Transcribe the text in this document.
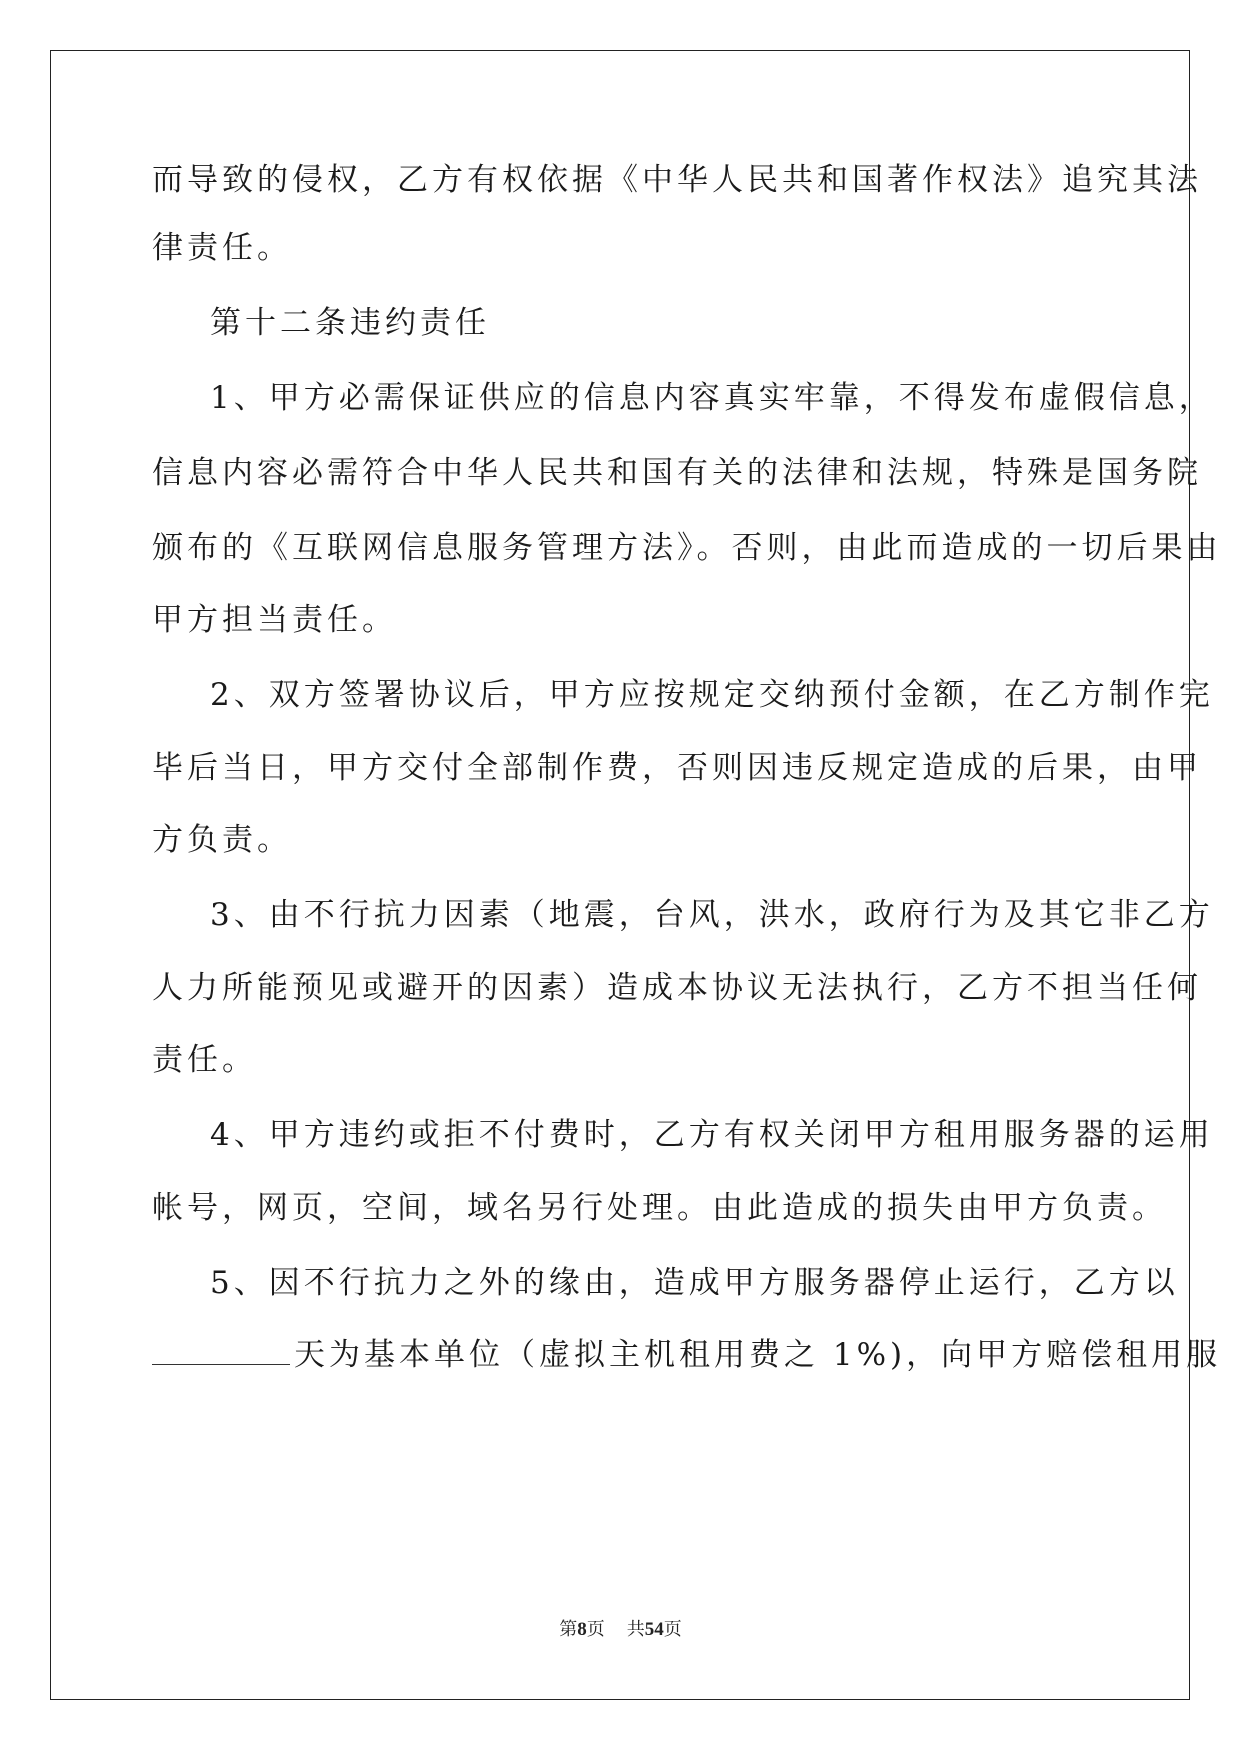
而导致的侵权，乙方有权依据《中华人民共和国著作权法》追究其法
律责任。
第十二条违约责任
1、甲方必需保证供应的信息内容真实牢靠，不得发布虚假信息，
信息内容必需符合中华人民共和国有关的法律和法规，特殊是国务院
颁布的《互联网信息服务管理方法》。否则，由此而造成的一切后果由
甲方担当责任。
2、双方签署协议后，甲方应按规定交纳预付金额，在乙方制作完
毕后当日，甲方交付全部制作费，否则因违反规定造成的后果，由甲
方负责。
3、由不行抗力因素（地震，台风，洪水，政府行为及其它非乙方
人力所能预见或避开的因素）造成本协议无法执行，乙方不担当任何
责任。
4、甲方违约或拒不付费时，乙方有权关闭甲方租用服务器的运用
帐号，网页，空间，域名另行处理。由此造成的损失由甲方负责。
5、因不行抗力之外的缘由，造成甲方服务器停止运行，乙方以
天为基本单位（虚拟主机租用费之 1%)，向甲方赔偿租用服
第8页 共54页
